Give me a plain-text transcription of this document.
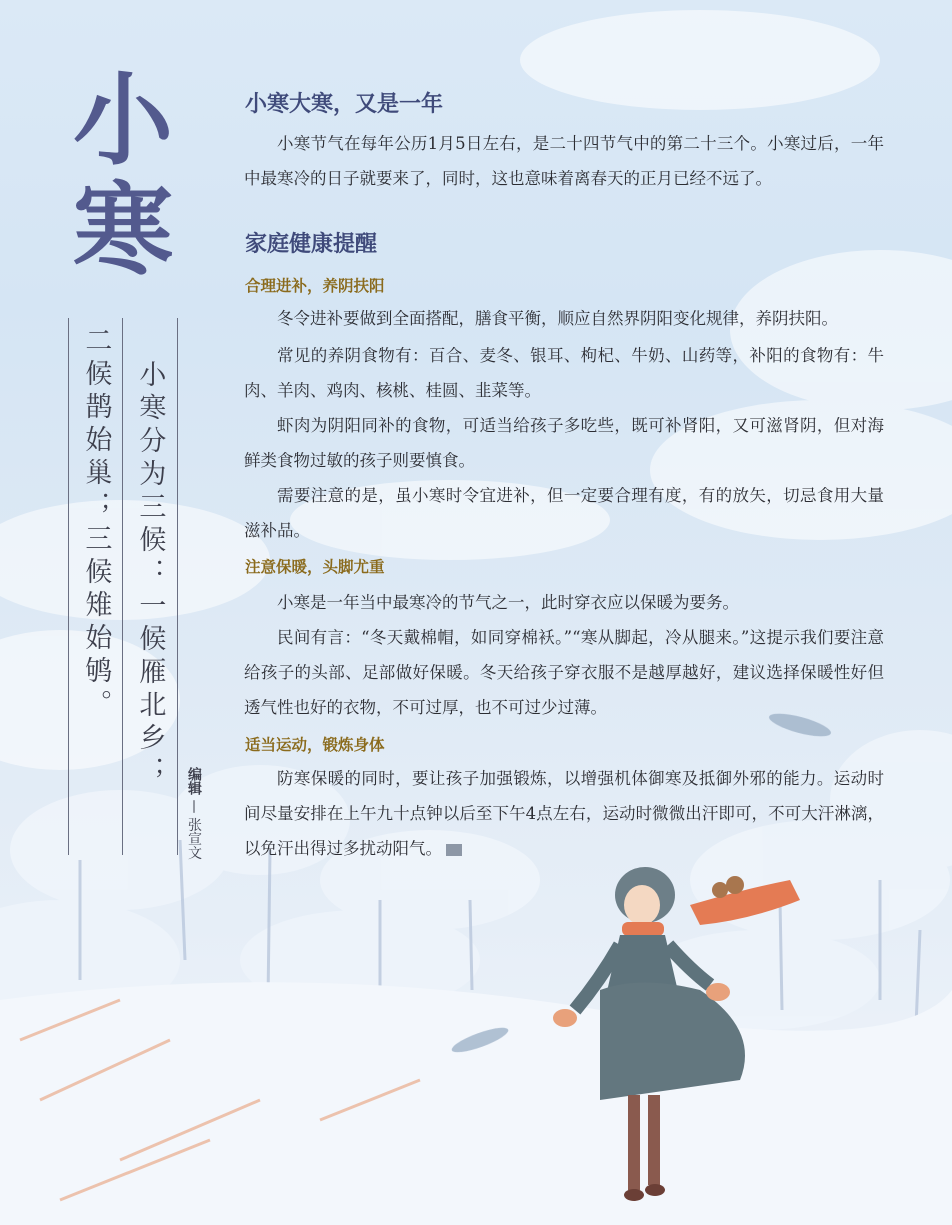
小
寒
小寒分为三候：一候雁北乡；
二候鹊始巢；三候雉始鸲。
编辑 — 张宣文
小寒大寒，又是一年
小寒节气在每年公历1月5日左右，是二十四节气中的第二十三个。小寒过后，一年中最寒冷的日子就要来了，同时，这也意味着离春天的正月已经不远了。
家庭健康提醒
合理进补，养阴扶阳
冬令进补要做到全面搭配，膳食平衡，顺应自然界阴阳变化规律，养阴扶阳。
常见的养阴食物有：百合、麦冬、银耳、枸杞、牛奶、山药等，补阳的食物有：牛肉、羊肉、鸡肉、核桃、桂圆、韭菜等。
虾肉为阴阳同补的食物，可适当给孩子多吃些，既可补肾阳，又可滋肾阴，但对海鲜类食物过敏的孩子则要慎食。
需要注意的是，虽小寒时令宜进补，但一定要合理有度，有的放矢，切忌食用大量滋补品。
注意保暖，头脚尤重
小寒是一年当中最寒冷的节气之一，此时穿衣应以保暖为要务。
民间有言：“冬天戴棉帽，如同穿棉袄。”“寒从脚起，冷从腿来。”这提示我们要注意给孩子的头部、足部做好保暖。冬天给孩子穿衣服不是越厚越好，建议选择保暖性好但透气性也好的衣物，不可过厚，也不可过少过薄。
适当运动，锻炼身体
防寒保暖的同时，要让孩子加强锻炼，以增强机体御寒及抵御外邪的能力。运动时间尽量安排在上午九十点钟以后至下午4点左右，运动时微微出汗即可，不可大汗淋漓，以免汗出得过多扰动阳气。
